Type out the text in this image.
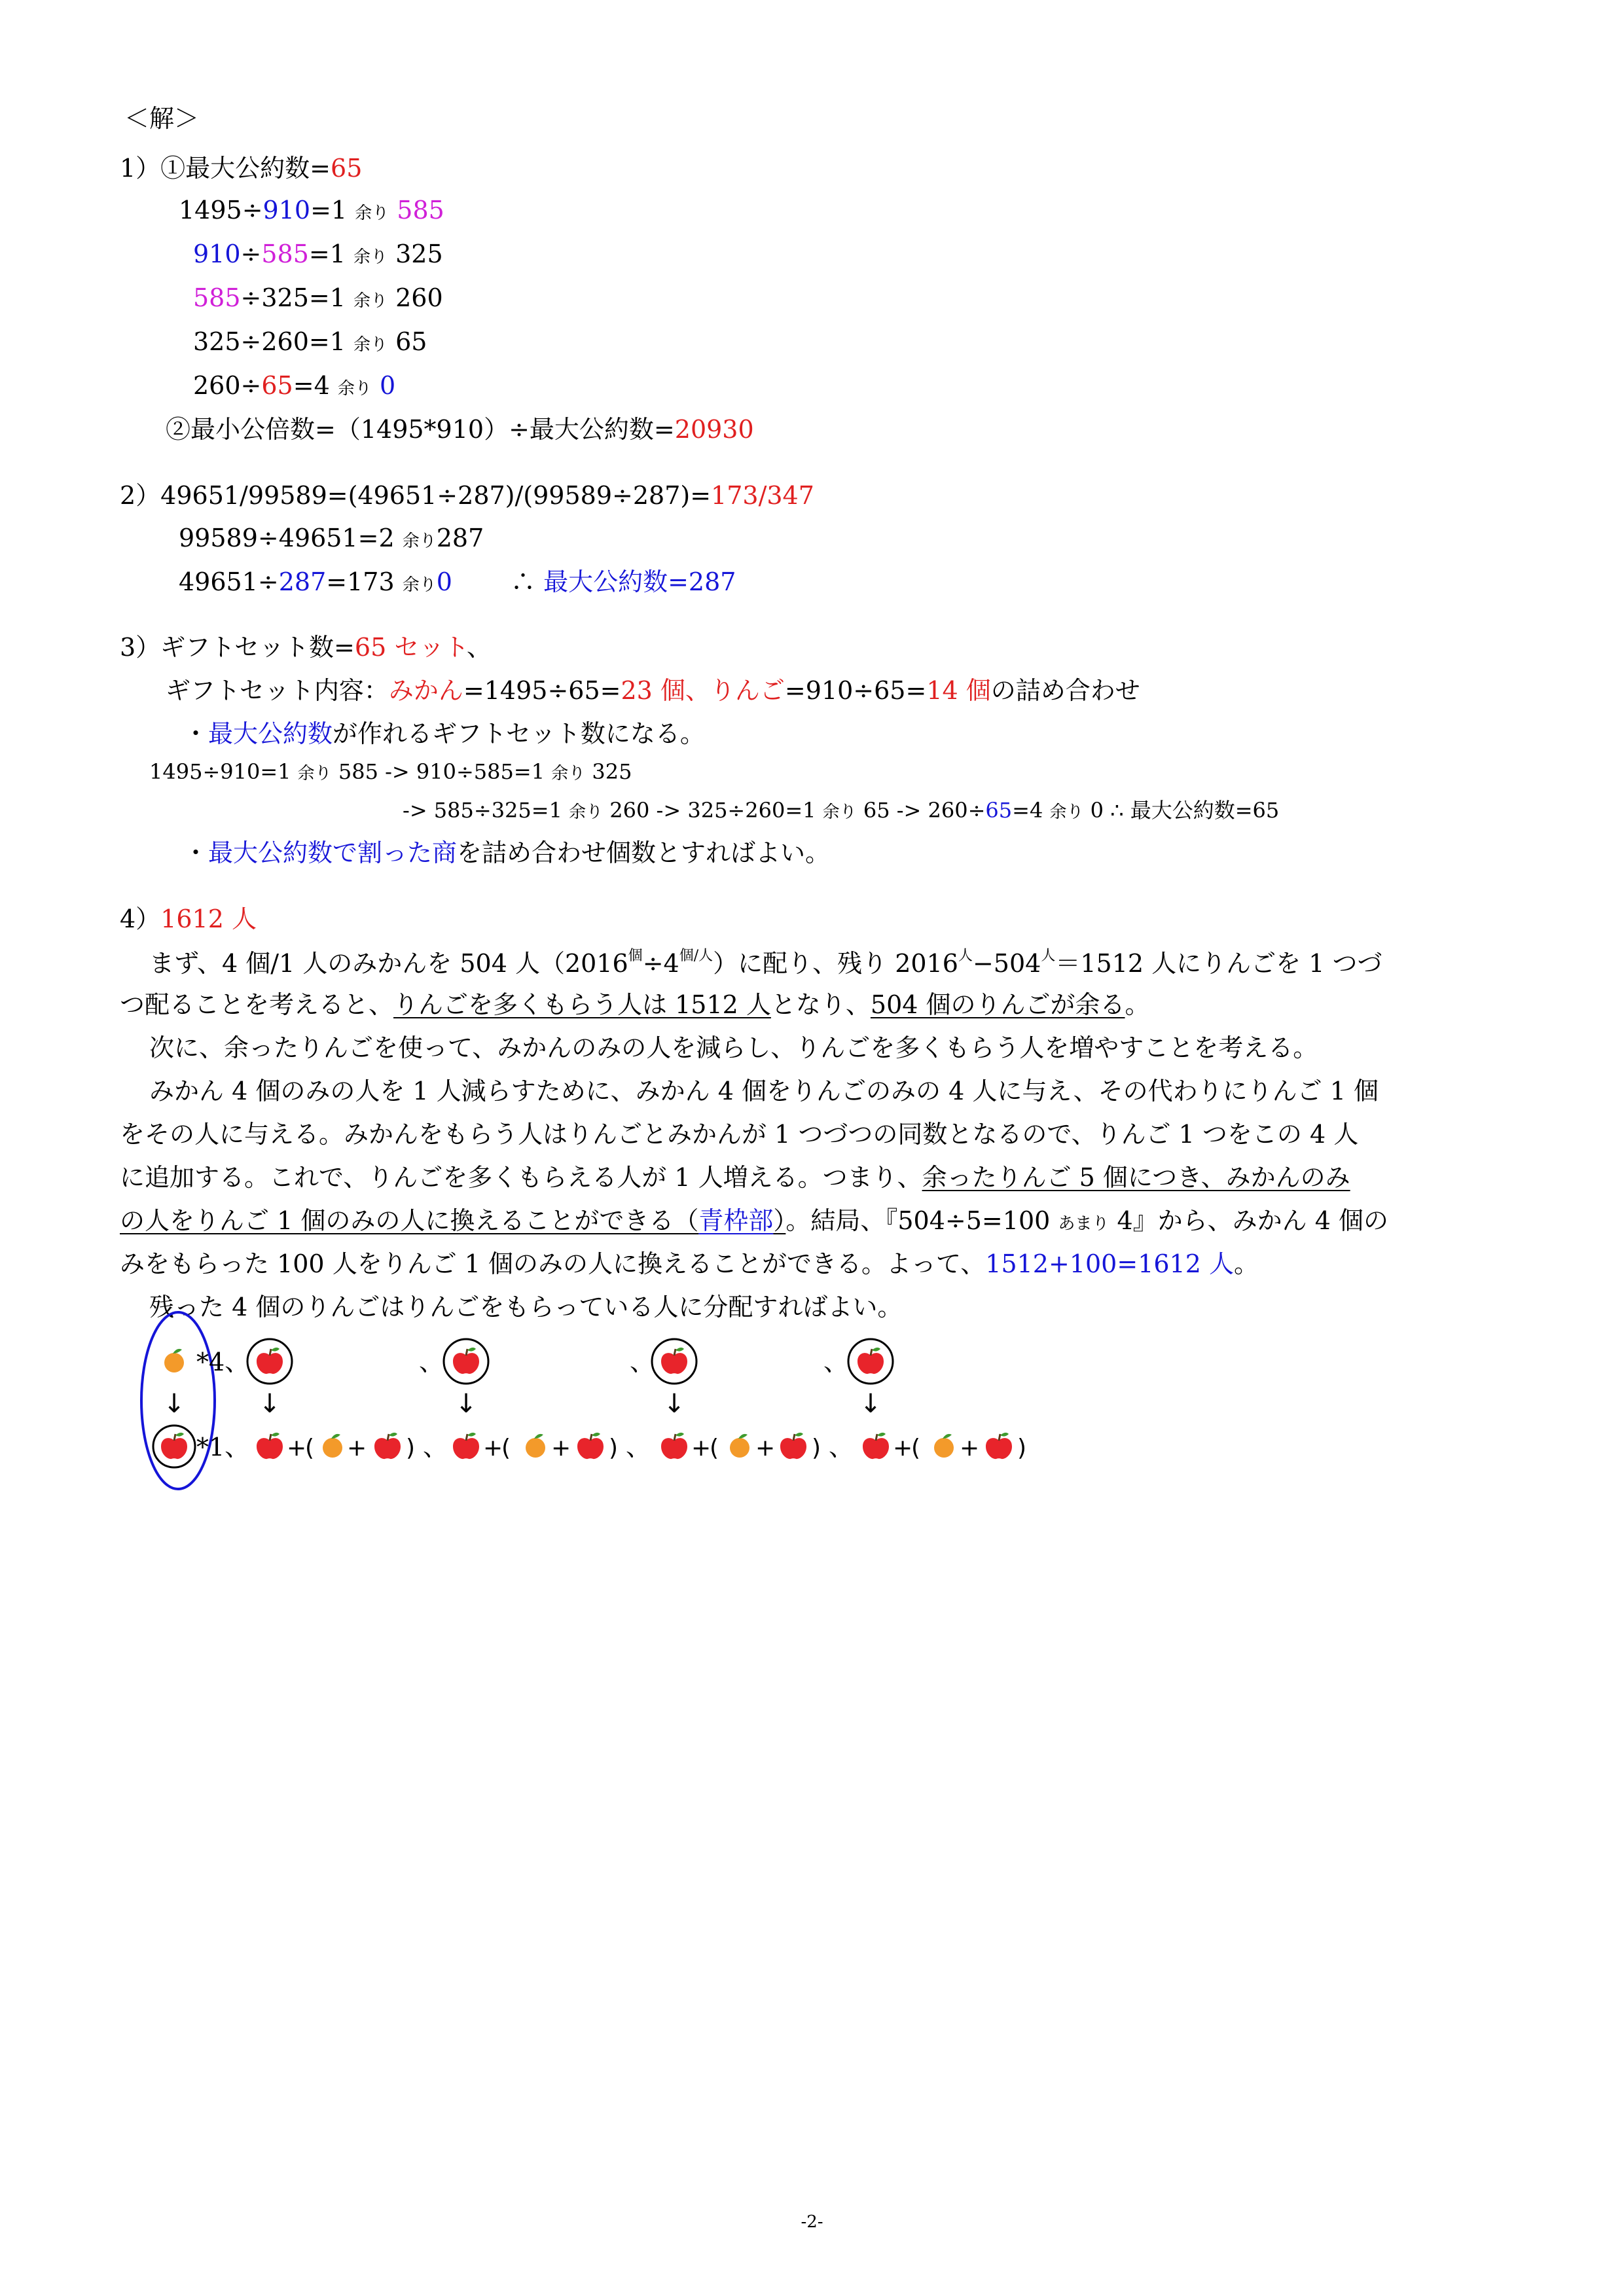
＜解＞
1）①最大公約数=65
1495÷910=1 余り 585
910÷585=1 余り 325
585÷325=1 余り 260
325÷260=1 余り 65
260÷65=4 余り 0
②最小公倍数=（1495*910）÷最大公約数=20930
2）49651/99589=(49651÷287)/(99589÷287)=173/347
99589÷49651=2 余り287
49651÷287=173 余り0 ∴ 最大公約数=287
3）ギフトセット数=65 セット、
ギフトセット内容：みかん=1495÷65=23 個、りんご=910÷65=14 個の詰め合わせ
・最大公約数が作れるギフトセット数になる。
1495÷910=1 余り 585 -> 910÷585=1 余り 325
-> 585÷325=1 余り 260 -> 325÷260=1 余り 65 -> 260÷65=4 余り 0 ∴ 最大公約数=65
・最大公約数で割った商を詰め合わせ個数とすればよい。
4）1612 人
まず、4 個/1 人のみかんを 504 人$(2016^個\div 4^{個/人})$に配り、残り $2016^人-504^人=1512$ 人にりんごを 1 つづ
つ配ることを考えると、りんごを多くもらう人は 1512 人となり、504 個のりんごが余る。
次に、余ったりんごを使って、みかんのみの人を減らし、りんごを多くもらう人を増やすことを考える。
みかん 4 個のみの人を 1 人減らすために、みかん 4 個をりんごのみの 4 人に与え、その代わりにりんご 1 個
をその人に与える。みかんをもらう人はりんごとみかんが 1 つづつの同数となるので、りんご 1 つをこの 4 人
に追加する。これで、りんごを多くもらえる人が 1 人増える。つまり、余ったりんご 5 個につき、みかんのみ
の人をりんご 1 個のみの人に換えることができる（青枠部）。結局、『504÷5=100 あまり 4』から、みかん 4 個の
みをもらった 100 人をりんご 1 個のみの人に換えることができる。よって、1512+100=1612 人。
残った 4 個のりんごはりんごをもらっている人に分配すればよい。
*4、	、	、	、
↓	↓	↓	↓	↓
*1、 +
( + ) 、 +
( + ) 、 +
( + ) 、 +
( + )
-2-
